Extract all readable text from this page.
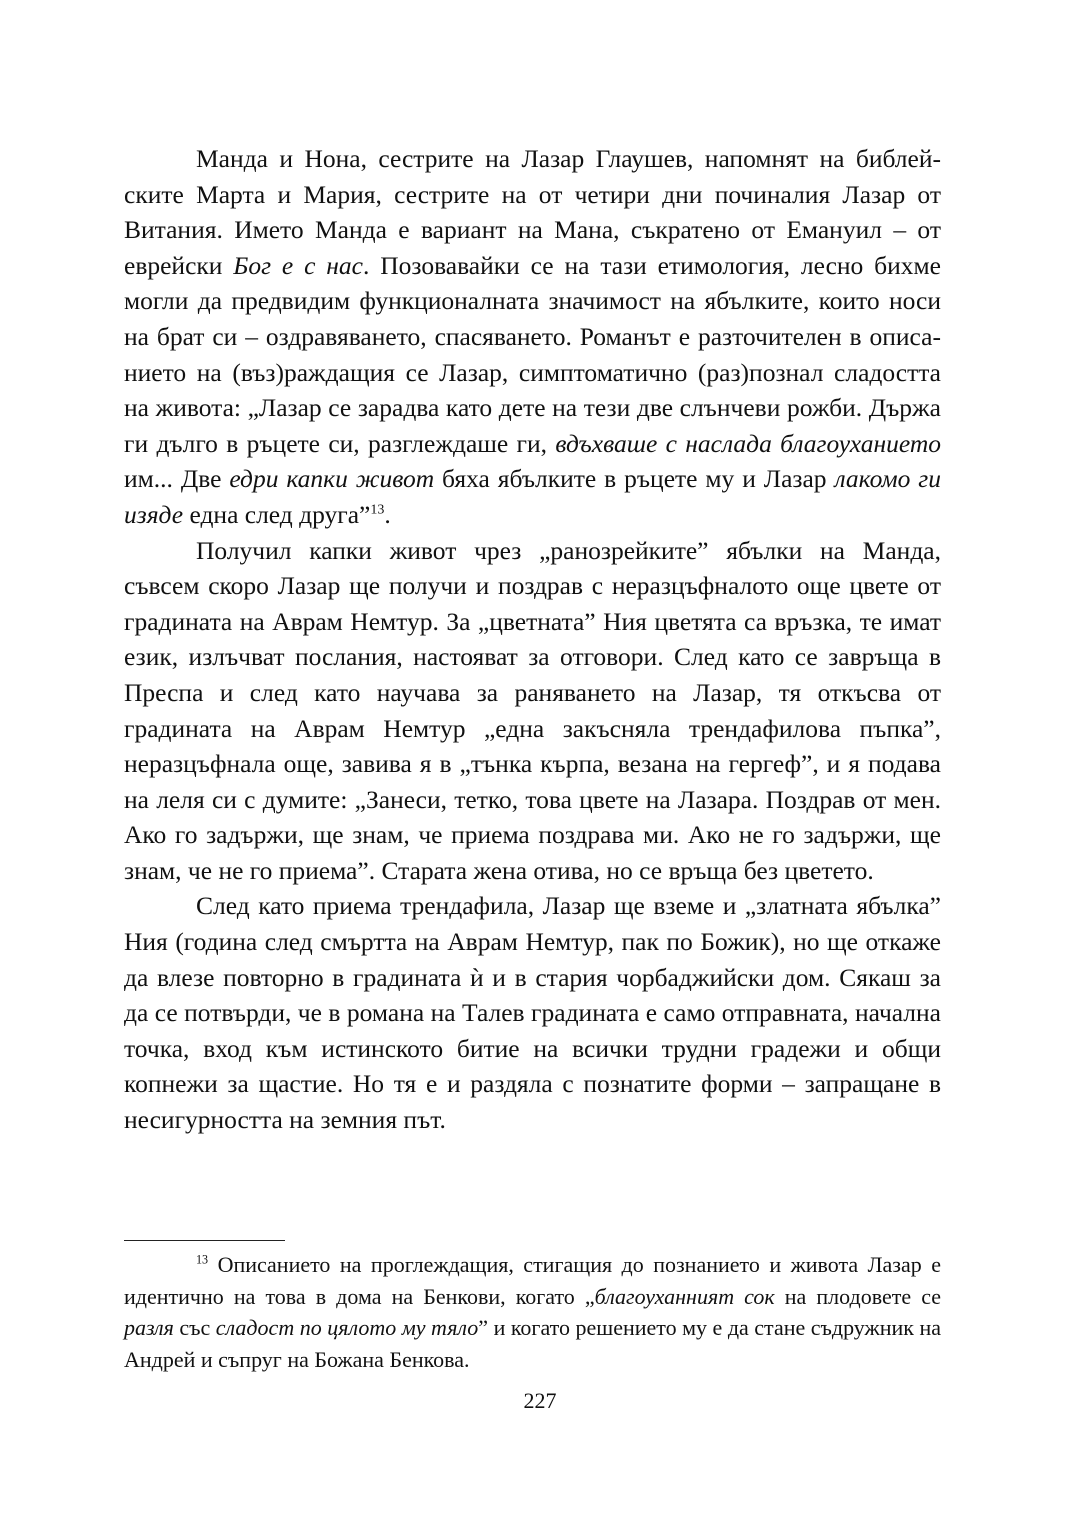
Манда и Нона, сестрите на Лазар Глаушев, напомнят на библейските Марта и Мария, сестрите на от четири дни починалия Лазар от Витания. Името Манда е вариант на Мана, съкратено от Емануил – от еврейски Бог е с нас. Позовавайки се на тази етимология, лесно бихме могли да предвидим функционалната значимост на ябълките, които носи на брат си – оздравяването, спасяването. Романът е разточителен в описанието на (въз)раждащия се Лазар, симптоматично (раз)познал сладостта на живота: „Лазар се зарадва като дете на тези две слънчеви рожби. Държа ги дълго в ръцете си, разглеждаше ги, вдъхваше с наслада благоуханието им... Две едри капки живот бяха ябълките в ръцете му и Лазар лакомо ги изяде една след друга”$^{13}$.

Получил капки живот чрез „ранозрейките” ябълки на Манда, съвсем скоро Лазар ще получи и поздрав с неразцъфналото още цвете от градината на Аврам Немтур. За „цветната” Ния цветята са връзка, те имат език, излъчват послания, настояват за отговори. След като се завръща в Преспа и след като научава за раняването на Лазар, тя откъсва от градината на Аврам Немтур „една закъсняла трендафилова пъпка”, неразцъфнала още, завива я в „тънка кърпа, везана на гергеф”, и я подава на леля си с думите: „Занеси, тетко, това цвете на Лазара. Поздрав от мен. Ако го задържи, ще знам, че приема поздрава ми. Ако не го задържи, ще знам, че не го приема”. Старата жена отива, но се връща без цветето.

След като приема трендафила, Лазар ще вземе и „златната ябълка” Ния (година след смъртта на Аврам Немтур, пак по Божик), но ще откаже да влезе повторно в градината ѝ и в стария чорбаджийски дом. Сякаш за да се потвърди, че в романа на Талев градината е само отправната, начална точка, вход към истинското битие на всички трудни градежи и общи копнежи за щастие. Но тя е и раздяла с познатите форми – запращане в несигурността на земния път.

$^{13}$ Описанието на проглеждащия, стигащия до познанието и живота Лазар е идентично на това в дома на Бенкови, когато „благоуханният сок на плодовете се разля със сладост по цялото му тяло” и когато решението му е да стане съдружник на Андрей и съпруг на Божана Бенкова.

227
